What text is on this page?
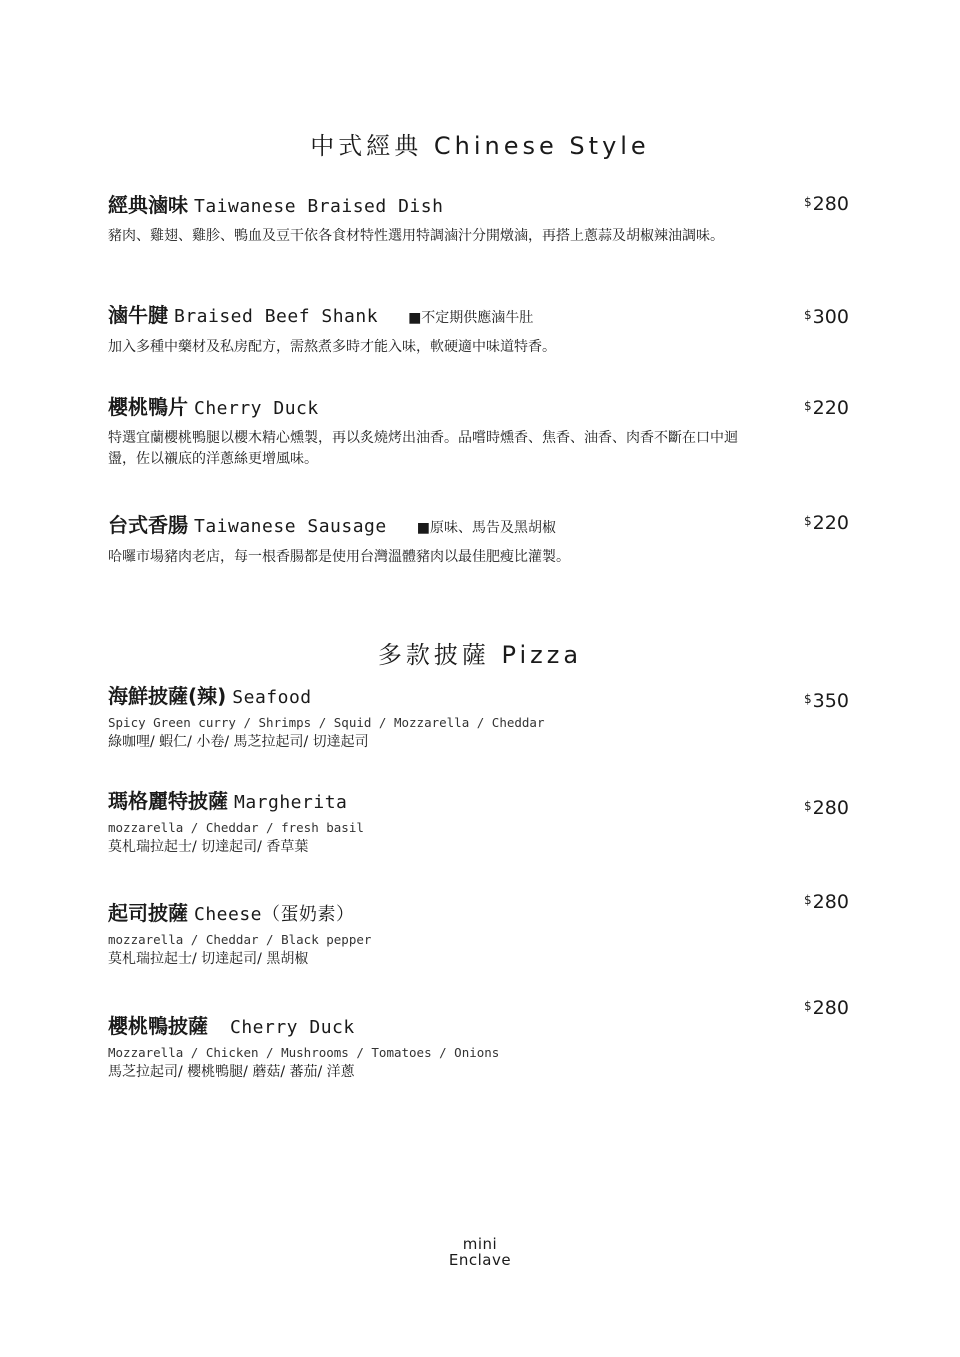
中式經典 Chinese Style
經典滷味 Taiwanese Braised Dish
豬肉、雞翅、雞胗、鴨血及豆干依各食材特性選用特調滷汁分開燉滷，再搭上蔥蒜及胡椒辣油調味。
$280
滷牛腱 Braised Beef Shank ■不定期供應滷牛肚
加入多種中藥材及私房配方，需熬煮多時才能入味，軟硬適中味道特香。
$300
櫻桃鴨片 Cherry Duck
特選宜蘭櫻桃鴨腿以櫻木精心燻製，再以炙燒烤出油香。品嚐時燻香、焦香、油香、肉香不斷在口中迴盪，佐以襯底的洋蔥絲更增風味。
$220
台式香腸 Taiwanese Sausage ■原味、馬告及黑胡椒
哈囉市場豬肉老店，每一根香腸都是使用台灣溫體豬肉以最佳肥瘦比灌製。
$220
多款披薩 Pizza
海鮮披薩(辣) Seafood
Spicy Green curry / Shrimps / Squid / Mozzarella / Cheddar
綠咖哩/ 蝦仁/ 小卷/ 馬芝拉起司/ 切達起司
$350
瑪格麗特披薩 Margherita
mozzarella / Cheddar / fresh basil
莫札瑞拉起士/ 切達起司/ 香草葉
$280
起司披薩 Cheese（蛋奶素）
mozzarella / Cheddar / Black pepper
莫札瑞拉起士/ 切達起司/ 黑胡椒
$280
櫻桃鴨披薩 Cherry Duck
Mozzarella / Chicken / Mushrooms / Tomatoes / Onions
馬芝拉起司/ 櫻桃鴨腿/ 蘑菇/ 蕃茄/ 洋蔥
$280
mini
Enclave
